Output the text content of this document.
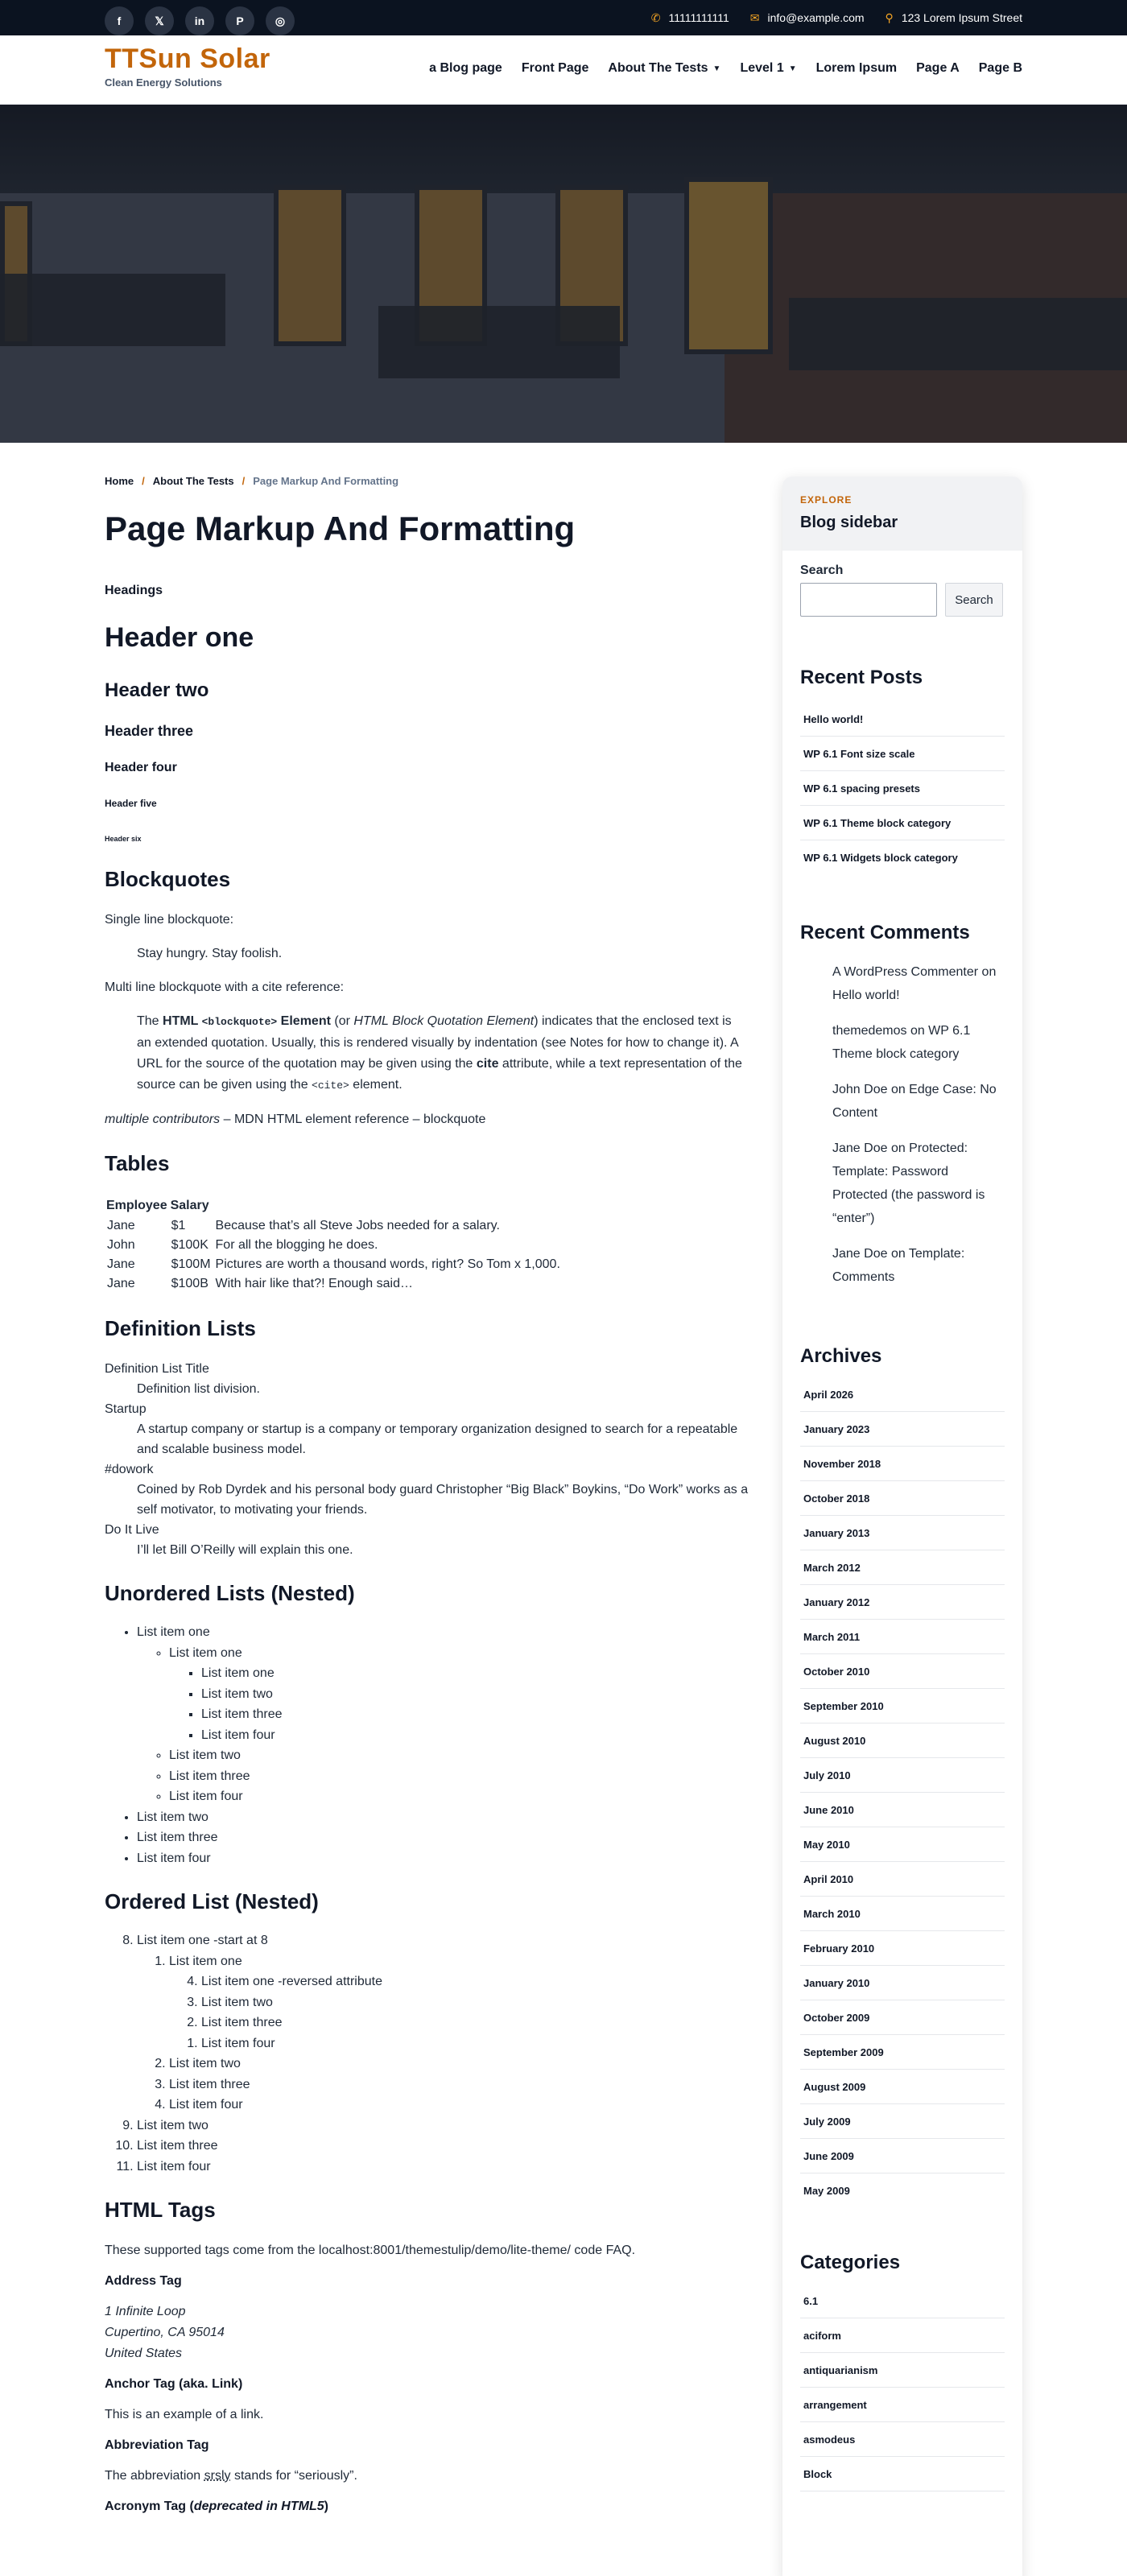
f	𝕏	in	P	◎	✆ 11111111111 ✉ info@example.com ⚲ 123 Lorem Ipsum Street
TTSun Solar
Clean Energy Solutions
a Blog page Front Page About The Tests ▼ Level 1 ▼ Lorem Ipsum Page A Page B
Home / About The Tests / Page Markup And Formatting
Page Markup And Formatting
Headings
Header one
Header two
Header three
Header four
Header five
Header six
Blockquotes
Single line blockquote:
Stay hungry. Stay foolish.
Multi line blockquote with a cite reference:
The HTML <blockquote> Element (or HTML Block Quotation Element) indicates that the enclosed text is an extended quotation. Usually, this is rendered visually by indentation (see Notes for how to change it). A URL for the source of the quotation may be given using the cite attribute, while a text representation of the source can be given using the <cite> element.
multiple contributors – MDN HTML element reference – blockquote
Tables
Employee	Salary	
Jane	$1	Because that’s all Steve Jobs needed for a salary.
John	$100K	For all the blogging he does.
Jane	$100M	Pictures are worth a thousand words, right? So Tom x 1,000.
Jane	$100B	With hair like that?! Enough said…
Definition Lists
Definition List Title
Definition list division.
Startup
A startup company or startup is a company or temporary organization designed to search for a repeatable and scalable business model.
#dowork
Coined by Rob Dyrdek and his personal body guard Christopher “Big Black” Boykins, “Do Work” works as a self motivator, to motivating your friends.
Do It Live
I’ll let Bill O’Reilly will explain this one.
Unordered Lists (Nested)
• List item one
◦ List item one
▪ List item one
▪ List item two
▪ List item three
▪ List item four
◦ List item two
◦ List item three
◦ List item four
• List item two
• List item three
• List item four
Ordered List (Nested)
8. List item one -start at 8
1. List item one
4. List item one -reversed attribute
3. List item two
2. List item three
1. List item four
2. List item two
3. List item three
4. List item four
9. List item two
10. List item three
11. List item four
HTML Tags
These supported tags come from the localhost:8001/themestulip/demo/lite-theme/ code FAQ.
Address Tag
1 Infinite Loop
Cupertino, CA 95014
United States
Anchor Tag (aka. Link)
This is an example of a link.
Abbreviation Tag
The abbreviation srsly stands for “seriously”.
Acronym Tag (deprecated in HTML5)
EXPLORE
Blog sidebar
Search
Search
Recent Posts
Hello world!
WP 6.1 Font size scale
WP 6.1 spacing presets
WP 6.1 Theme block category
WP 6.1 Widgets block category
Recent Comments
A WordPress Commenter on Hello world!
themedemos on WP 6.1 Theme block category
John Doe on Edge Case: No Content
Jane Doe on Protected: Template: Password Protected (the password is “enter”)
Jane Doe on Template: Comments
Archives
April 2026
January 2023
November 2018
October 2018
January 2013
March 2012
January 2012
March 2011
October 2010
September 2010
August 2010
July 2010
June 2010
May 2010
April 2010
March 2010
February 2010
January 2010
October 2009
September 2009
August 2009
July 2009
June 2009
May 2009
Categories
6.1
aciform
antiquarianism
arrangement
asmodeus
Block
